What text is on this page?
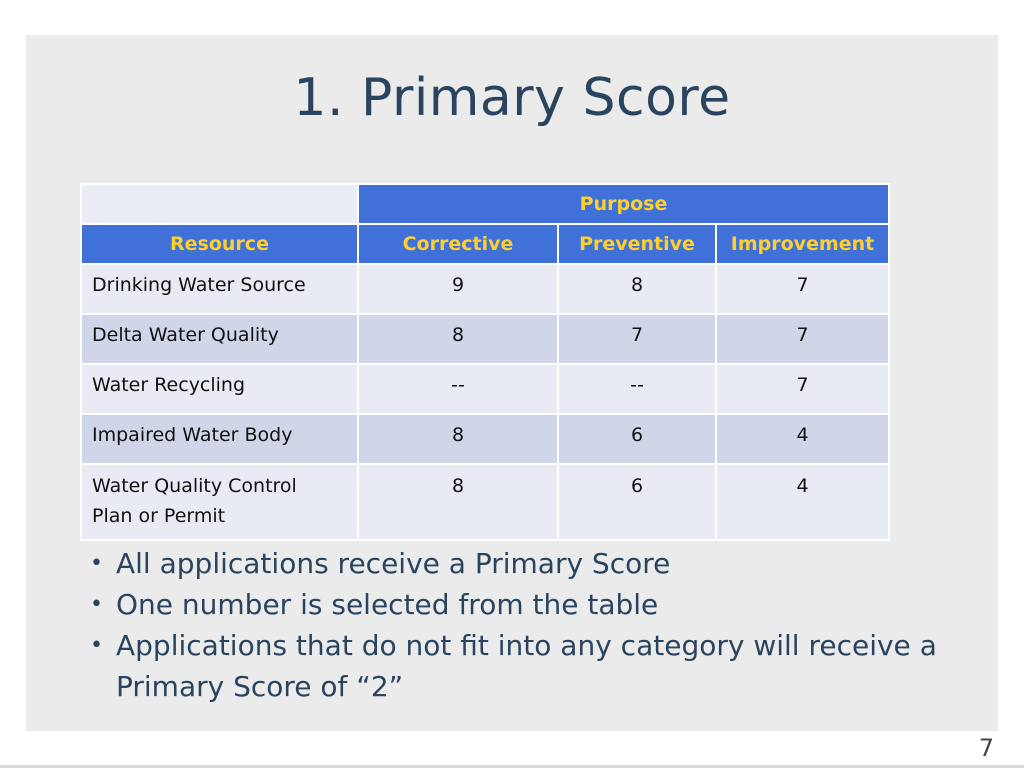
1. Primary Score
	Purpose		
Resource	Corrective	Preventive	Improvement
Drinking Water Source	9	8	7
Delta Water Quality	8	7	7
Water Recycling	--	--	7
Impaired Water Body	8	6	4
Water Quality Control Plan or Permit	8	6	4
• All applications receive a Primary Score
• One number is selected from the table
• Applications that do not fit into any category will receive a Primary Score of “2”
7
